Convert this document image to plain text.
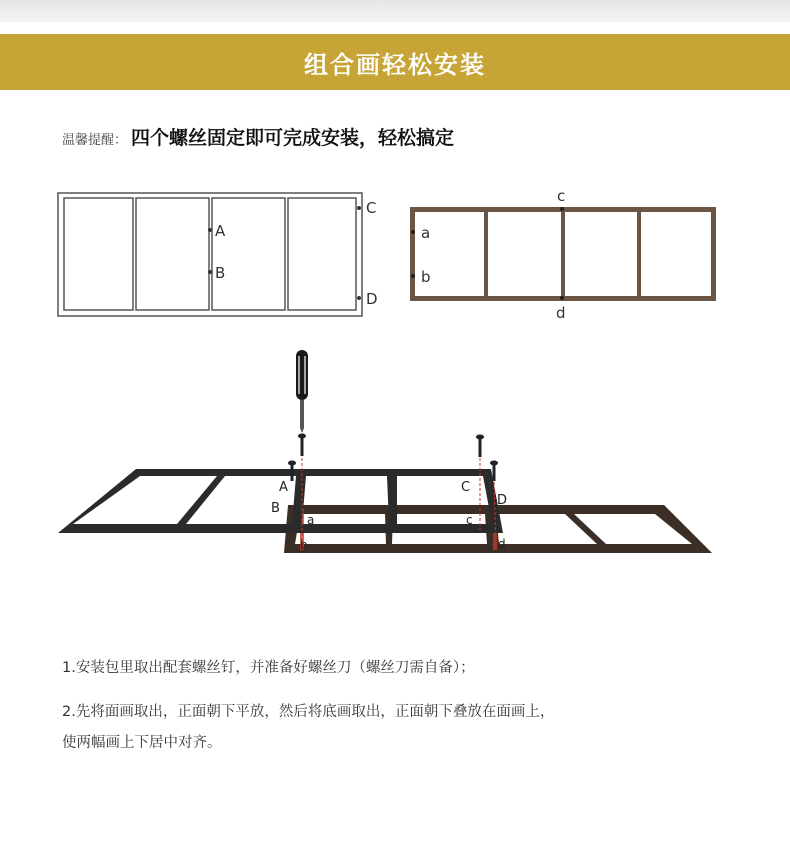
组合画轻松安装
温馨提醒： 四个螺丝固定即可完成安装，轻松搞定
A
B
C
D
a
b
c
d
A
B
C
D
a
b
c
d
1.安装包里取出配套螺丝钉，并准备好螺丝刀（螺丝刀需自备）；
2.先将面画取出，正面朝下平放，然后将底画取出，正面朝下叠放在面画上，
使两幅画上下居中对齐。
